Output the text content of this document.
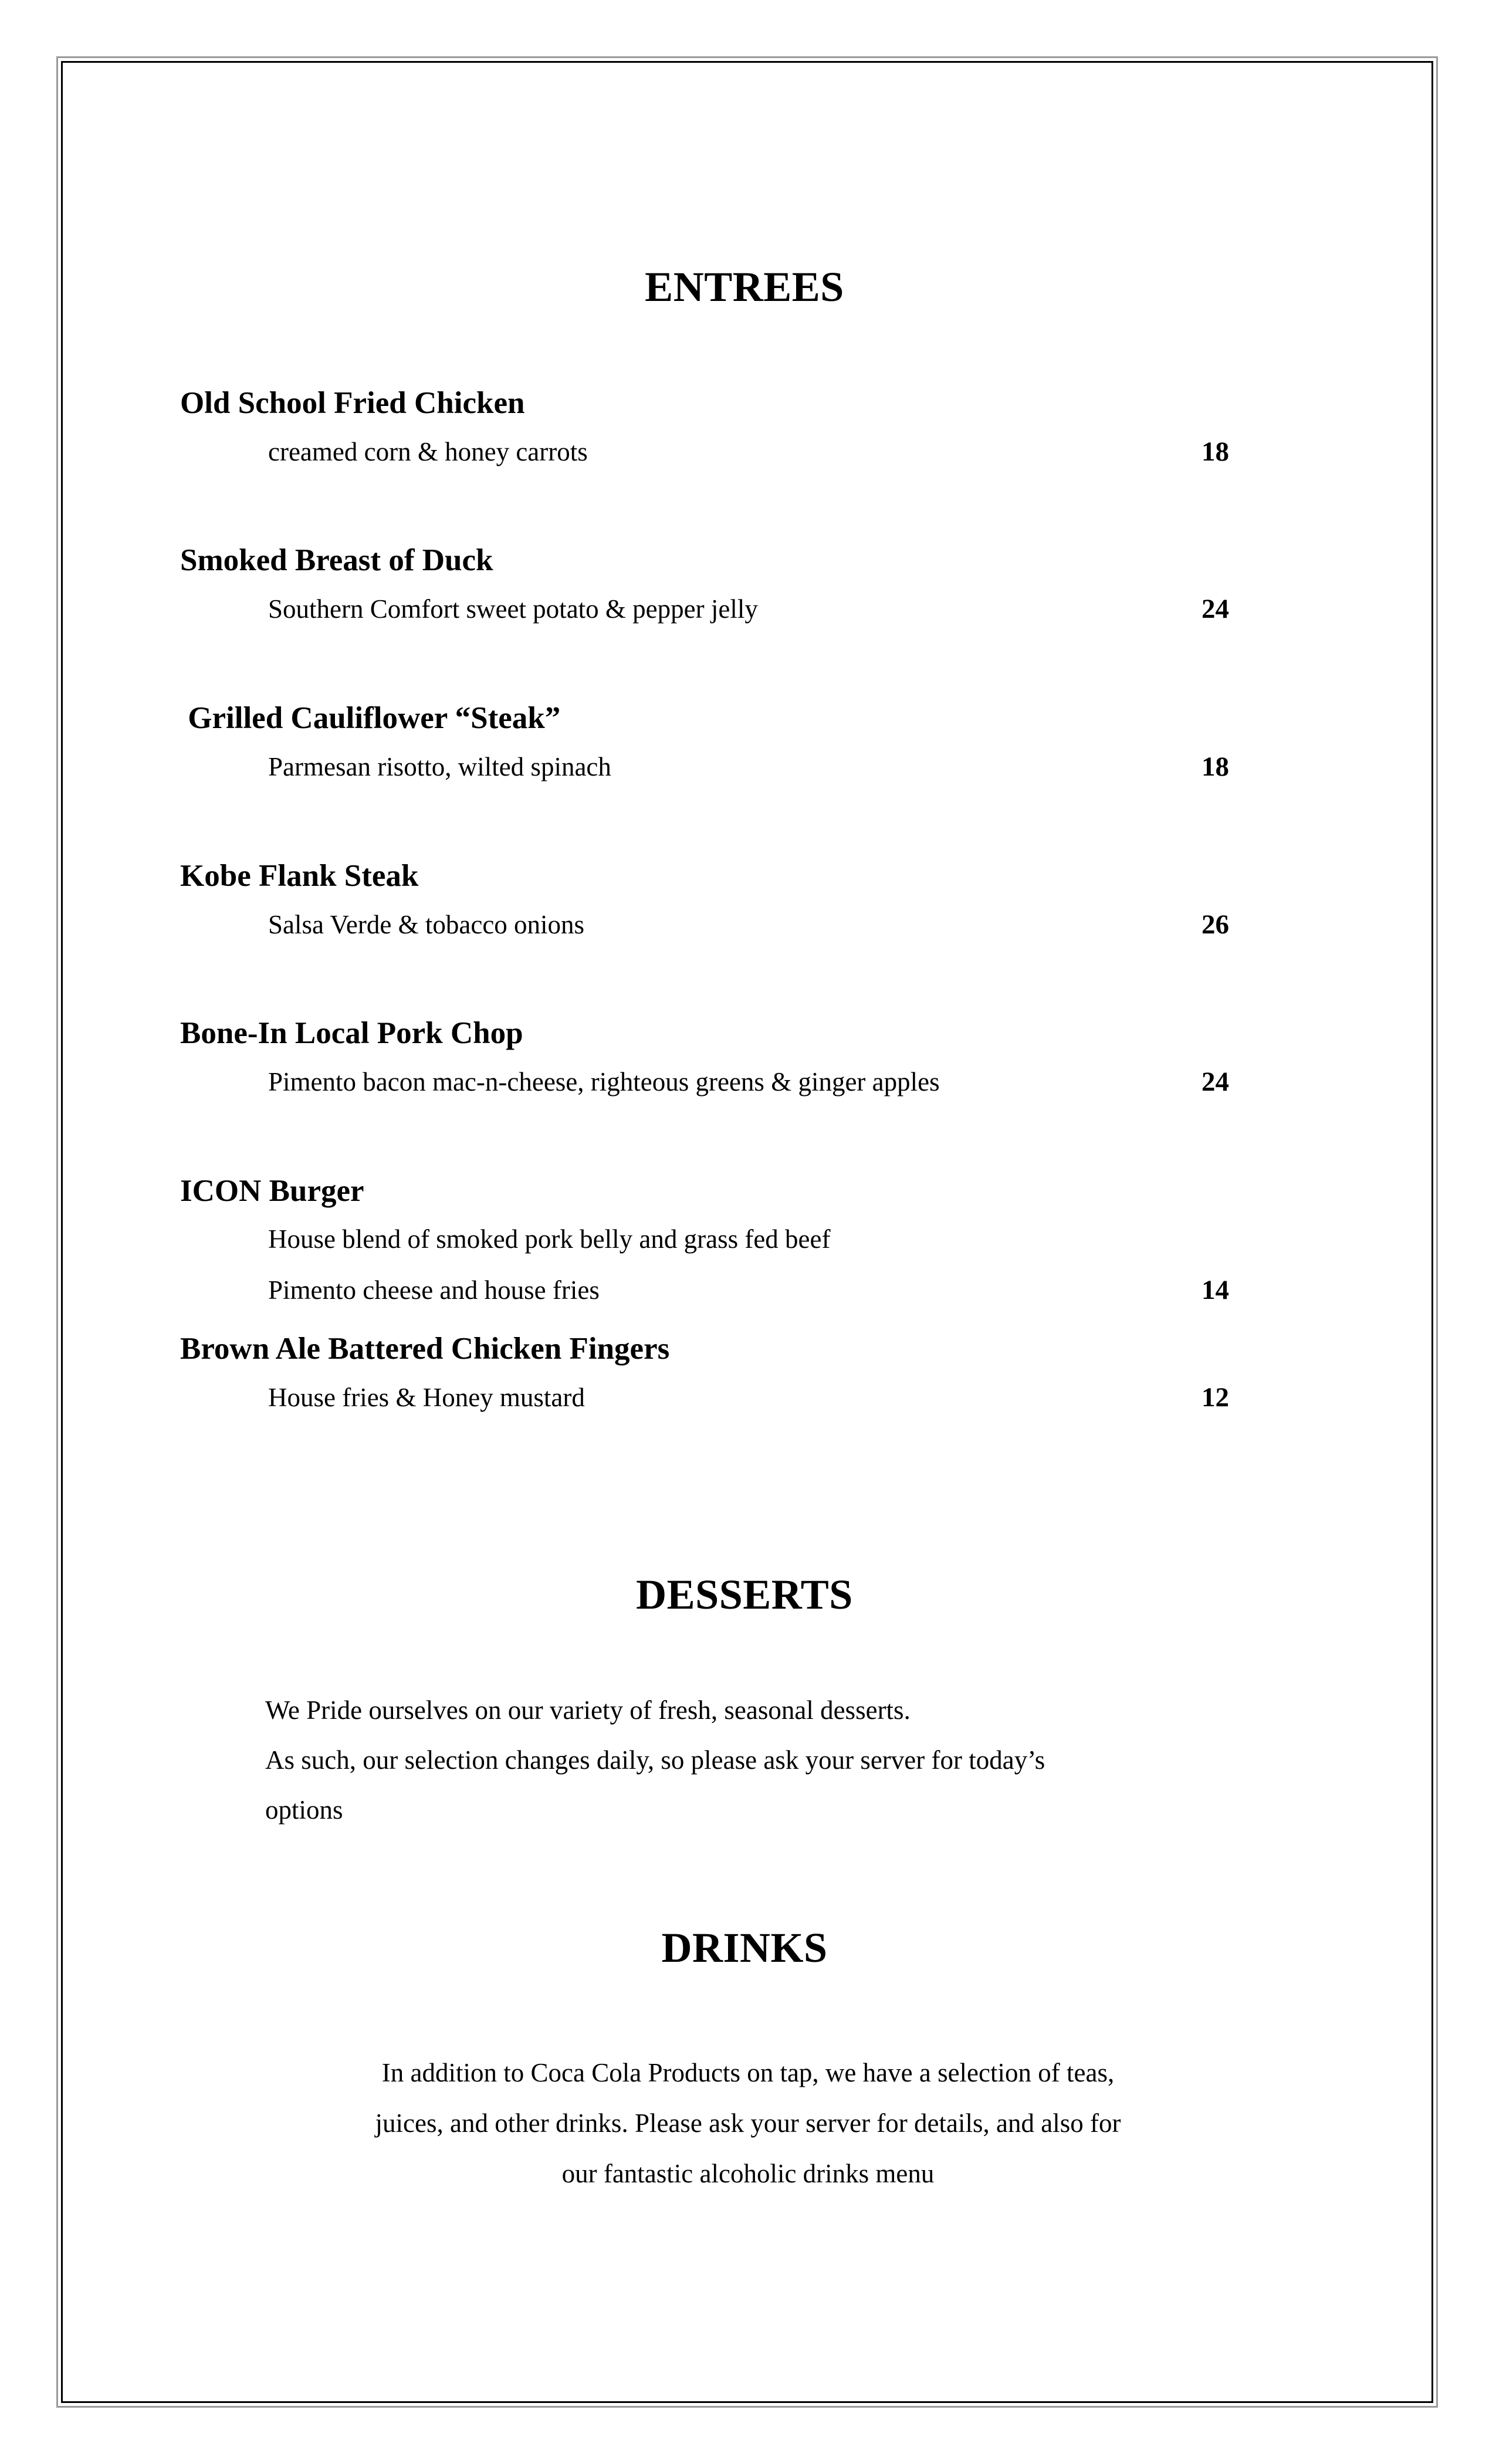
ENTREES
Old School Fried Chicken
creamed corn & honey carrots	18
Smoked Breast of Duck
Southern Comfort sweet potato & pepper jelly	24
Grilled Cauliflower “Steak”
Parmesan risotto, wilted spinach	18
Kobe Flank Steak
Salsa Verde & tobacco onions	26
Bone-In Local Pork Chop
Pimento bacon mac-n-cheese, righteous greens & ginger apples	24
ICON Burger
House blend of smoked pork belly and grass fed beef
Pimento cheese and house fries	14
Brown Ale Battered Chicken Fingers
House fries & Honey mustard	12
DESSERTS

We Pride ourselves on our variety of fresh, seasonal desserts.

As such, our selection changes daily, so please ask your server for today’s

options

DRINKS

In addition to Coca Cola Products on tap, we have a selection of teas,

juices, and other drinks. Please ask your server for details, and also for

our fantastic alcoholic drinks menu
